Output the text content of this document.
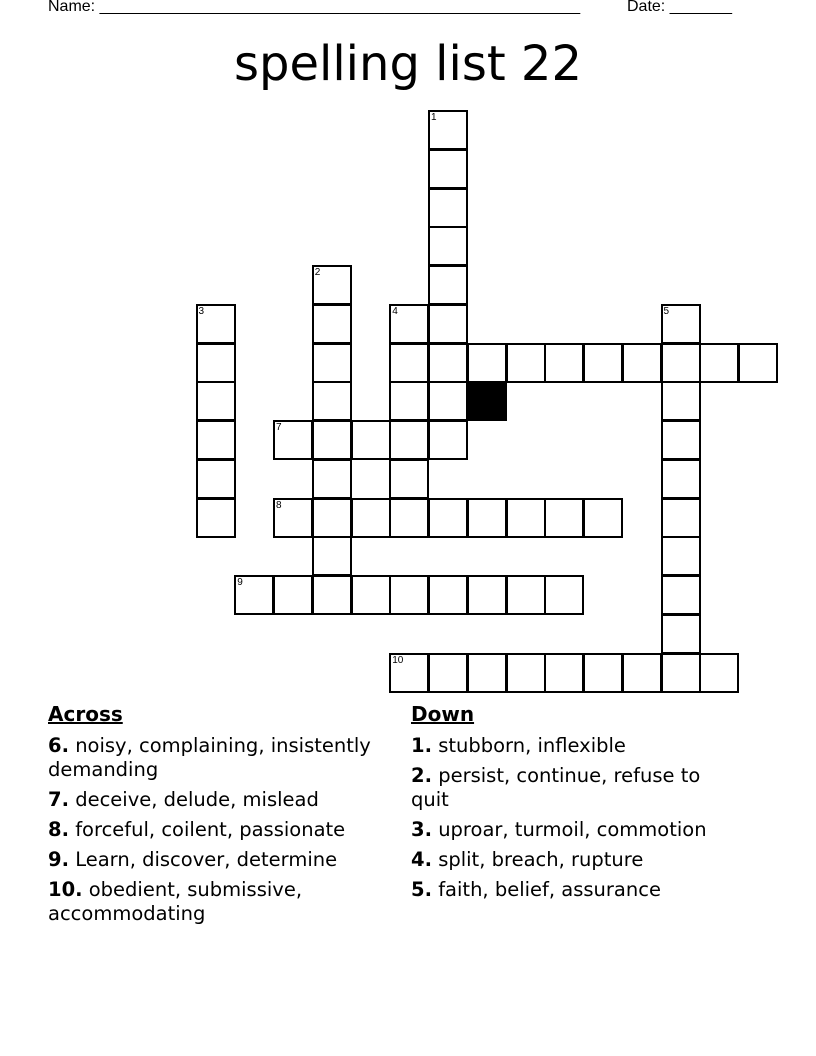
Name: ______________________________________________________	Date: _______
spelling list 22
1
2
3	4	5
7
8
9
10
Across
6. noisy, complaining, insistently demanding
7. deceive, delude, mislead
8. forceful, coilent, passionate
9. Learn, discover, determine
10. obedient, submissive, accommodating
Down
1. stubborn, inflexible
2. persist, continue, refuse to quit
3. uproar, turmoil, commotion
4. split, breach, rupture
5. faith, belief, assurance
